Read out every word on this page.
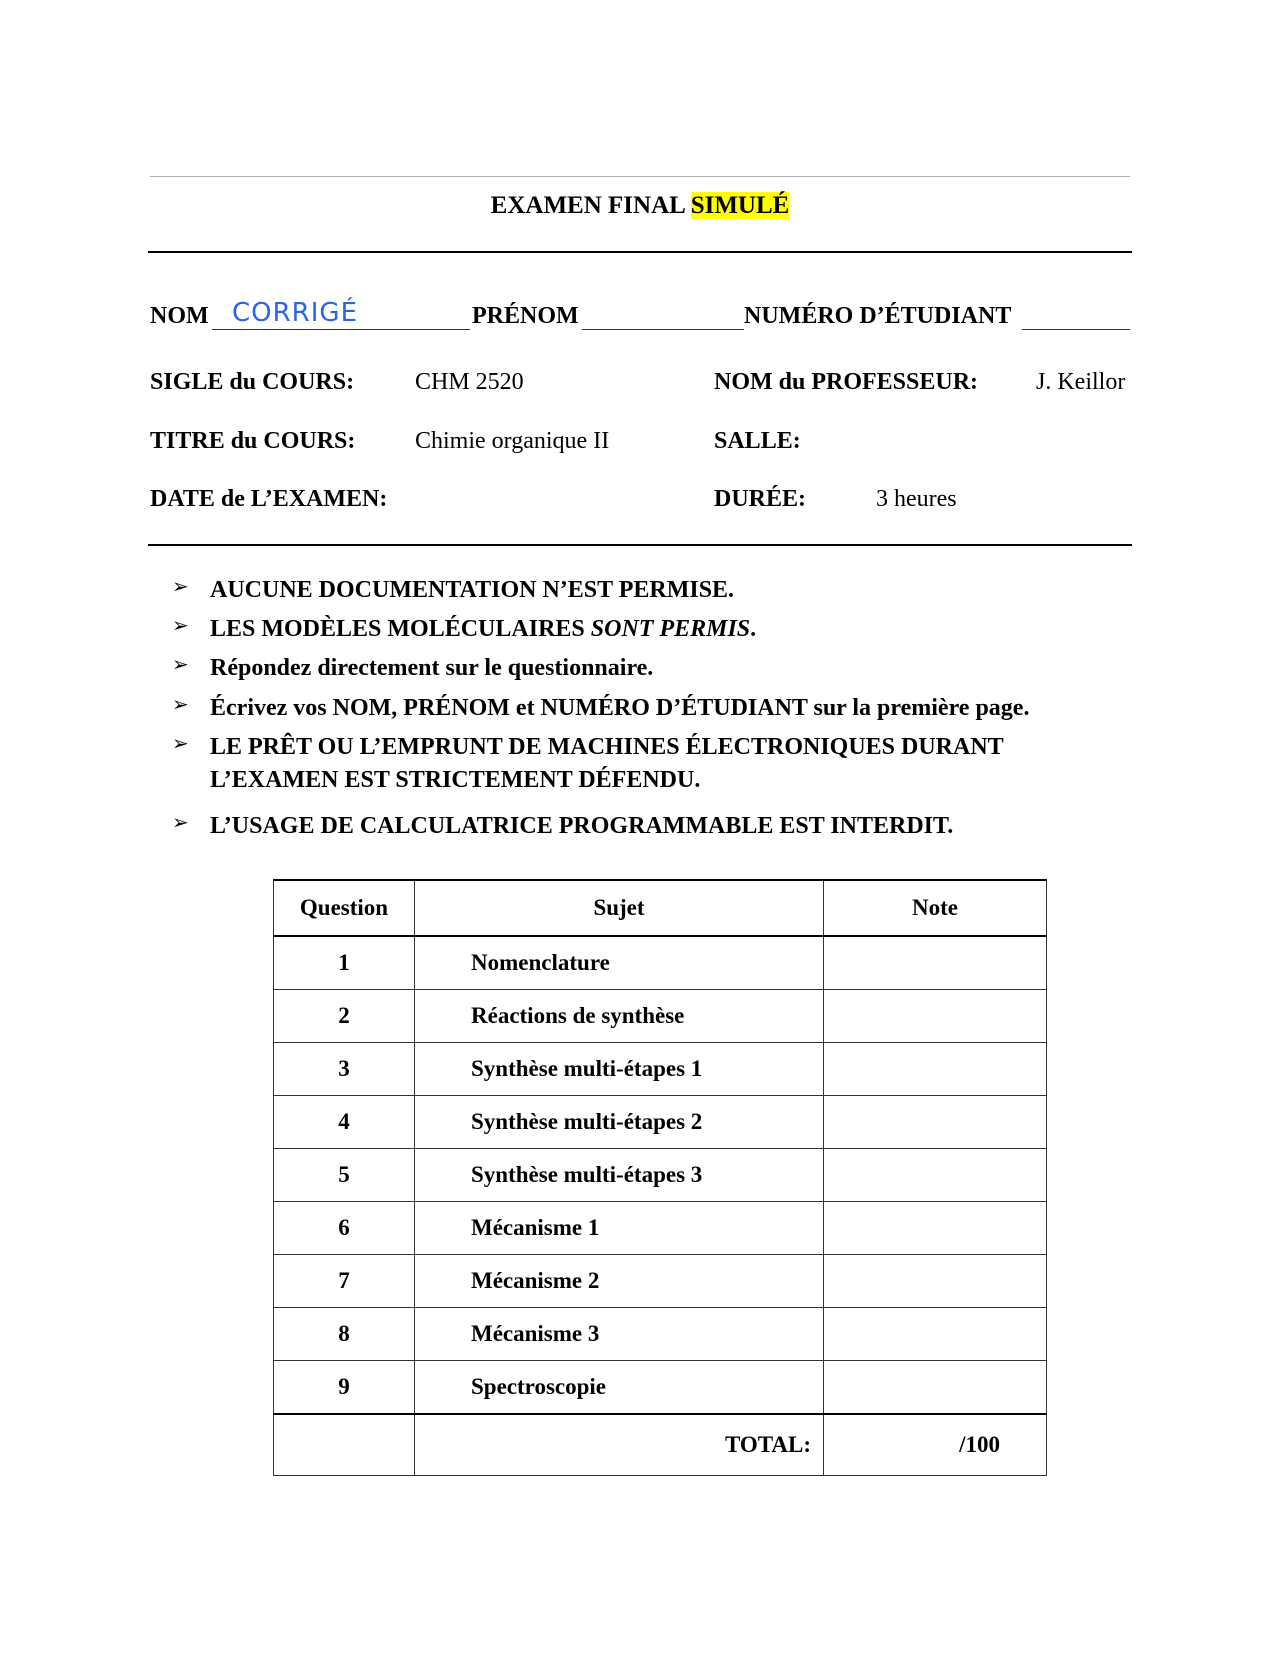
EXAMEN FINAL SIMULÉ
NOM CORRIGÉ	PRÉNOM	NUMÉRO D’ÉTUDIANT
SIGLE du COURS:	CHM 2520	NOM du PROFESSEUR: J. Keillor
TITRE du COURS: Chimie organique II	SALLE:
DATE de L’EXAMEN:	DURÉE:	3 heures
➢ AUCUNE DOCUMENTATION N’EST PERMISE.
➢ LES MODÈLES MOLÉCULAIRES SONT PERMIS.
➢ Répondez directement sur le questionnaire.
➢ Écrivez vos NOM, PRÉNOM et NUMÉRO D’ÉTUDIANT sur la première page.
➢ LE PRÊT OU L’EMPRUNT DE MACHINES ÉLECTRONIQUES DURANT
L’EXAMEN EST STRICTEMENT DÉFENDU.
➢ L’USAGE DE CALCULATRICE PROGRAMMABLE EST INTERDIT.
Question	Sujet	Note
1	Nomenclature	
2	Réactions de synthèse	
3	Synthèse multi-étapes 1	
4	Synthèse multi-étapes 2	
5	Synthèse multi-étapes 3	
6	Mécanisme 1	
7	Mécanisme 2	
8	Mécanisme 3	
9	Spectroscopie	
	TOTAL:	/100
